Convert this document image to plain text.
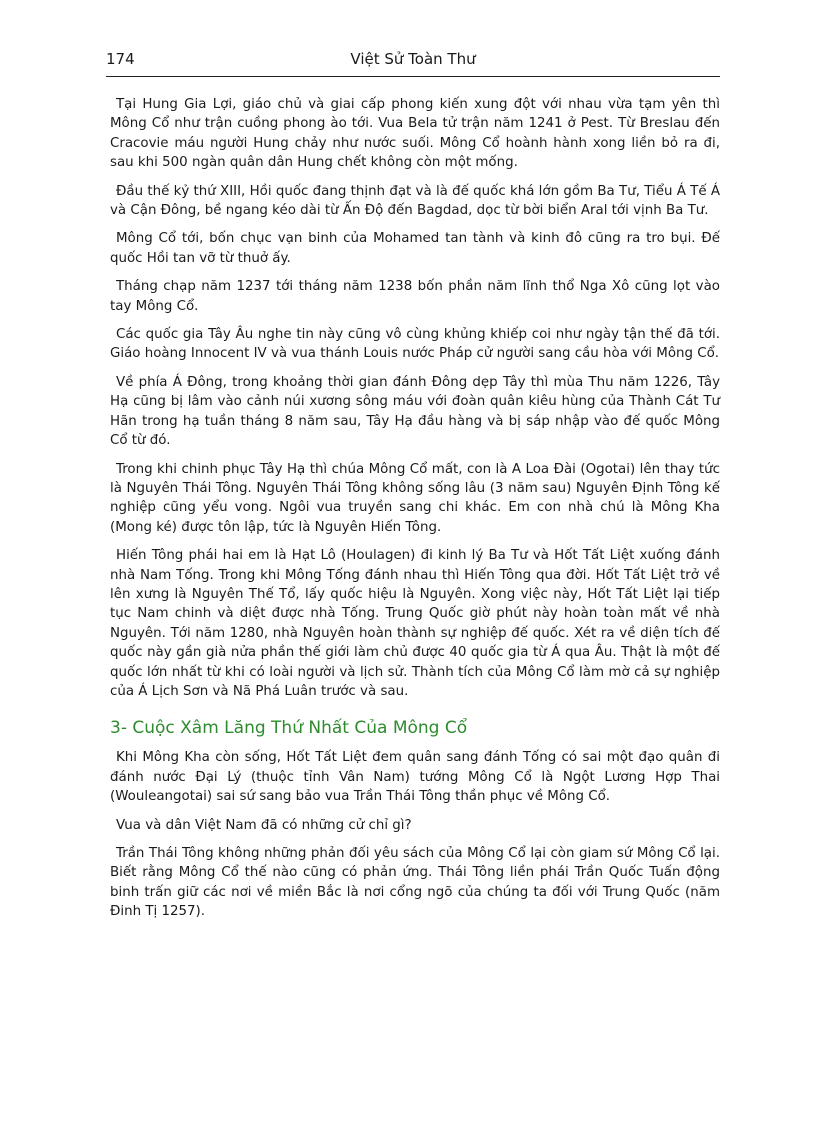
174	Việt Sử Toàn Thư

Tại Hung Gia Lợi, giáo chủ và giai cấp phong kiến xung đột với nhau vừa tạm yên thì Mông Cổ như trận cuồng phong ào tới. Vua Bela tử trận năm 1241 ở Pest. Từ Breslau đến Cracovie máu người Hung chảy như nước suối. Mông Cổ hoành hành xong liền bỏ ra đi, sau khi 500 ngàn quân dân Hung chết không còn một mống.

Đầu thế kỷ thứ XIII, Hồi quốc đang thịnh đạt và là đế quốc khá lớn gồm Ba Tư, Tiểu Á Tế Á và Cận Đông, bề ngang kéo dài từ Ấn Độ đến Bagdad, dọc từ bời biển Aral tới vịnh Ba Tư.

Mông Cổ tới, bốn chục vạn binh của Mohamed tan tành và kinh đô cũng ra tro bụi. Đế quốc Hồi tan vỡ từ thuở ấy.

Tháng chạp năm 1237 tới tháng năm 1238 bốn phần năm lĩnh thổ Nga Xô cũng lọt vào tay Mông Cổ.

Các quốc gia Tây Âu nghe tin này cũng vô cùng khủng khiếp coi như ngày tận thế đã tới. Giáo hoàng Innocent IV và vua thánh Louis nước Pháp cử người sang cầu hòa với Mông Cổ.

Về phía Á Đông, trong khoảng thời gian đánh Đông dẹp Tây thì mùa Thu năm 1226, Tây Hạ cũng bị lâm vào cảnh núi xương sông máu với đoàn quân kiêu hùng của Thành Cát Tư Hãn trong hạ tuần tháng 8 năm sau, Tây Hạ đầu hàng và bị sáp nhập vào đế quốc Mông Cổ từ đó.

Trong khi chinh phục Tây Hạ thì chúa Mông Cổ mất, con là A Loa Đài (Ogotai) lên thay tức là Nguyên Thái Tông. Nguyên Thái Tông không sống lâu (3 năm sau) Nguyên Định Tông kế nghiệp cũng yểu vong. Ngôi vua truyền sang chi khác. Em con nhà chú là Mông Kha (Mong ké) được tôn lập, tức là Nguyên Hiến Tông.

Hiến Tông phái hai em là Hạt Lô (Houlagen) đi kinh lý Ba Tư và Hốt Tất Liệt xuống đánh nhà Nam Tống. Trong khi Mông Tống đánh nhau thì Hiến Tông qua đời. Hốt Tất Liệt trở về lên xưng là Nguyên Thế Tổ, lấy quốc hiệu là Nguyên. Xong việc này, Hốt Tất Liệt lại tiếp tục Nam chinh và diệt được nhà Tống. Trung Quốc giờ phút này hoàn toàn mất về nhà Nguyên. Tới năm 1280, nhà Nguyên hoàn thành sự nghiệp đế quốc. Xét ra về diện tích đế quốc này gần già nửa phần thế giới làm chủ được 40 quốc gia từ Á qua Âu. Thật là một đế quốc lớn nhất từ khi có loài người và lịch sử. Thành tích của Mông Cổ làm mờ cả sự nghiệp của Á Lịch Sơn và Nã Phá Luân trước và sau.

3- Cuộc Xâm Lăng Thứ Nhất Của Mông Cổ

Khi Mông Kha còn sống, Hốt Tất Liệt đem quân sang đánh Tống có sai một đạo quân đi đánh nước Đại Lý (thuộc tỉnh Vân Nam) tướng Mông Cổ là Ngột Lương Hợp Thai (Wouleangotai) sai sứ sang bảo vua Trần Thái Tông thần phục về Mông Cổ.

Vua và dân Việt Nam đã có những cử chỉ gì?

Trần Thái Tông không những phản đối yêu sách của Mông Cổ lại còn giam sứ Mông Cổ lại. Biết rằng Mông Cổ thế nào cũng có phản ứng. Thái Tông liền phái Trần Quốc Tuấn động binh trấn giữ các nơi về miền Bắc là nơi cổng ngõ của chúng ta đối với Trung Quốc (năm Đinh Tị 1257).
